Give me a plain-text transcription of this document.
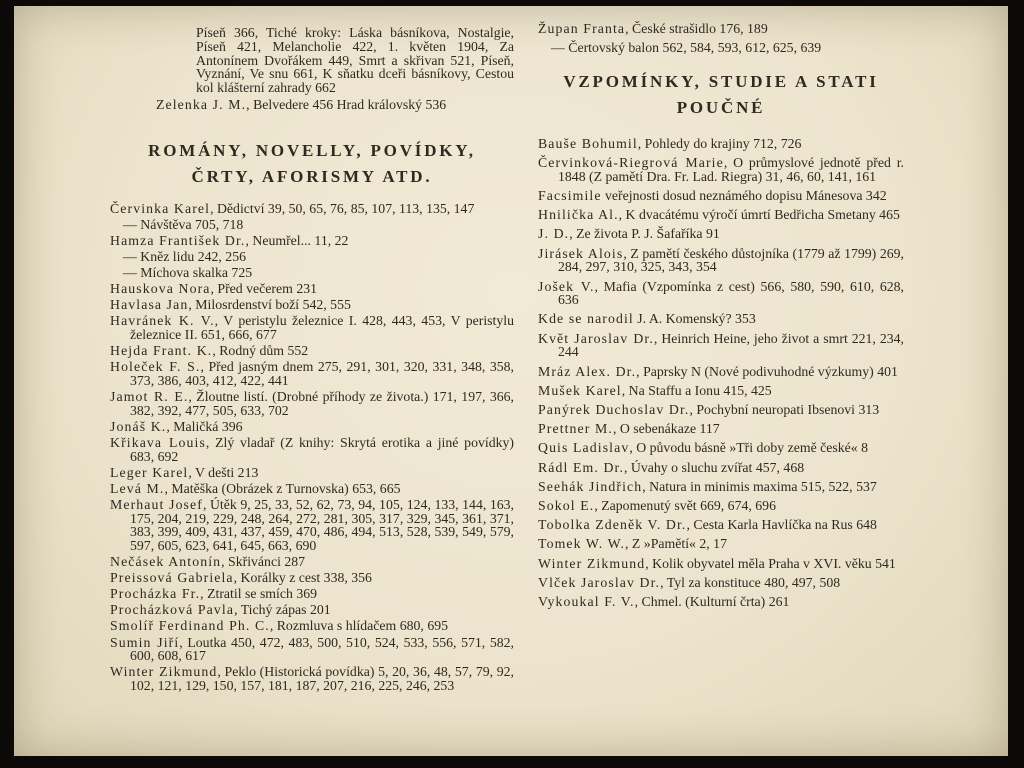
Píseň 366, Tiché kroky: Láska básníkova, Nostalgie, Píseň 421, Melancholie 422, 1. květen 1904, Za Antonínem Dvořákem 449, Smrt a skřivan 521, Píseň, Vyznání, Ve snu 661, K sňatku dceři básníkovy, Cestou kol klášterní zahrady 662

Zelenka J. M., Belvedere 456 Hrad královský 536

ROMÁNY, NOVELLY, POVÍDKY,
ČRTY, AFORISMY ATD.

Červinka Karel, Dědictví 39, 50, 65, 76, 85, 107, 113, 135, 147

— Návštěva 705, 718

Hamza František Dr., Neumřel... 11, 22

— Kněz lidu 242, 256

— Míchova skalka 725

Hauskova Nora, Před večerem 231

Havlasa Jan, Milosrdenství boží 542, 555

Havránek K. V., V peristylu železnice I. 428, 443, 453, V peristylu železnice II. 651, 666, 677

Hejda Frant. K., Rodný dům 552

Holeček F. S., Před jasným dnem 275, 291, 301, 320, 331, 348, 358, 373, 386, 403, 412, 422, 441

Jamot R. E., Žloutne listí. (Drobné příhody ze života.) 171, 197, 366, 382, 392, 477, 505, 633, 702

Jonáš K., Maličká 396

Křikava Louis, Zlý vladař (Z knihy: Skrytá erotika a jiné povídky) 683, 692

Leger Karel, V dešti 213

Levá M., Matěška (Obrázek z Turnovska) 653, 665

Merhaut Josef, Útěk 9, 25, 33, 52, 62, 73, 94, 105, 124, 133, 144, 163, 175, 204, 219, 229, 248, 264, 272, 281, 305, 317, 329, 345, 361, 371, 383, 399, 409, 431, 437, 459, 470, 486, 494, 513, 528, 539, 549, 579, 597, 605, 623, 641, 645, 663, 690

Nečásek Antonín, Skřivánci 287

Preissová Gabriela, Korálky z cest 338, 356

Procházka Fr., Ztratil se smích 369

Procházková Pavla, Tichý zápas 201

Smolíř Ferdinand Ph. C., Rozmluva s hlídačem 680, 695

Sumin Jiří, Loutka 450, 472, 483, 500, 510, 524, 533, 556, 571, 582, 600, 608, 617

Winter Zikmund, Peklo (Historická povídka) 5, 20, 36, 48, 57, 79, 92, 102, 121, 129, 150, 157, 181, 187, 207, 216, 225, 246, 253

Župan Franta, České strašidlo 176, 189

— Čertovský balon 562, 584, 593, 612, 625, 639

VZPOMÍNKY, STUDIE A STATI
POUČNÉ

Bauše Bohumil, Pohledy do krajiny 712, 726

Červinková-Riegrová Marie, O průmyslové jednotě před r. 1848 (Z pamětí Dra. Fr. Lad. Riegra) 31, 46, 60, 141, 161

Facsimile veřejnosti dosud neznámého dopisu Mánesova 342

Hnilička Al., K dvacátému výročí úmrtí Bedřicha Smetany 465

J. D., Ze života P. J. Šafaříka 91

Jirásek Alois, Z pamětí českého důstojníka (1779 až 1799) 269, 284, 297, 310, 325, 343, 354

Jošek V., Mafia (Vzpomínka z cest) 566, 580, 590, 610, 628, 636

Kde se narodil J. A. Komenský? 353

Květ Jaroslav Dr., Heinrich Heine, jeho život a smrt 221, 234, 244

Mráz Alex. Dr., Paprsky N (Nové podivuhodné výzkumy) 401

Mušek Karel, Na Staffu a Ionu 415, 425

Panýrek Duchoslav Dr., Pochybní neuropati Ibsenovi 313

Prettner M., O sebenákaze 117

Quis Ladislav, O původu básně »Tři doby země české« 8

Rádl Em. Dr., Úvahy o sluchu zvířat 457, 468

Seehák Jindřich, Natura in minimis maxima 515, 522, 537

Sokol E., Zapomenutý svět 669, 674, 696

Tobolka Zdeněk V. Dr., Cesta Karla Havlíčka na Rus 648

Tomek W. W., Z »Pamětí« 2, 17

Winter Zikmund, Kolik obyvatel měla Praha v XVI. věku 541

Vlček Jaroslav Dr., Tyl za konstituce 480, 497, 508

Vykoukal F. V., Chmel. (Kulturní črta) 261
